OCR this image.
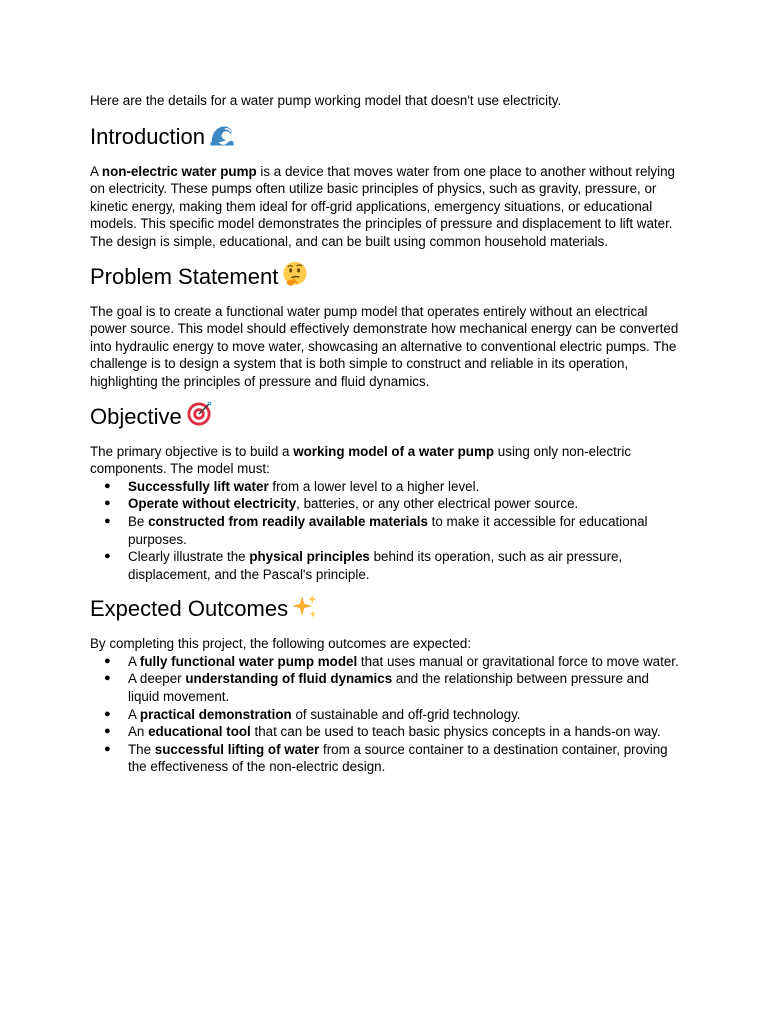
Here are the details for a water pump working model that doesn't use electricity.

Introduction

A non-electric water pump is a device that moves water from one place to another without relying on electricity. These pumps often utilize basic principles of physics, such as gravity, pressure, or kinetic energy, making them ideal for off-grid applications, emergency situations, or educational models. This specific model demonstrates the principles of pressure and displacement to lift water. The design is simple, educational, and can be built using common household materials.

Problem Statement

The goal is to create a functional water pump model that operates entirely without an electrical power source. This model should effectively demonstrate how mechanical energy can be converted into hydraulic energy to move water, showcasing an alternative to conventional electric pumps. The challenge is to design a system that is both simple to construct and reliable in its operation, highlighting the principles of pressure and fluid dynamics.

Objective

The primary objective is to build a working model of a water pump using only non-electric components. The model must:

● Successfully lift water from a lower level to a higher level.
● Operate without electricity, batteries, or any other electrical power source.
● Be constructed from readily available materials to make it accessible for educational purposes.
● Clearly illustrate the physical principles behind its operation, such as air pressure, displacement, and the Pascal's principle.
Expected Outcomes

By completing this project, the following outcomes are expected:

● A fully functional water pump model that uses manual or gravitational force to move water.
● A deeper understanding of fluid dynamics and the relationship between pressure and liquid movement.
● A practical demonstration of sustainable and off-grid technology.
● An educational tool that can be used to teach basic physics concepts in a hands-on way.
● The successful lifting of water from a source container to a destination container, proving the effectiveness of the non-electric design.
